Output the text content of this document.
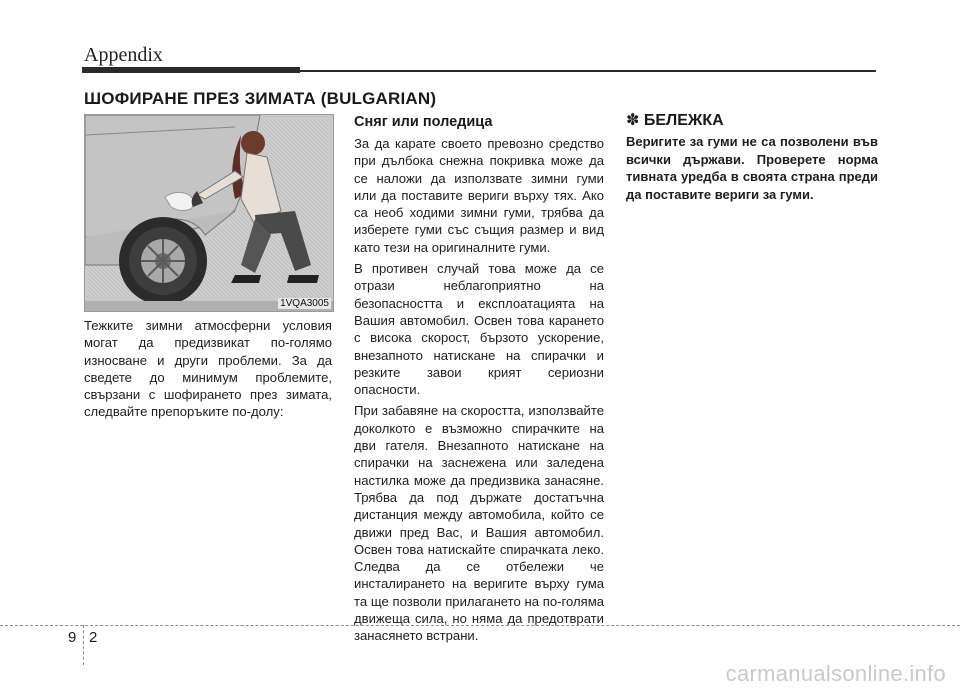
Appendix
ШОФИРАНЕ ПРЕЗ ЗИМАТА (BULGARIAN)
1VQA3005

Тежките зимни атмосферни условия могат да предизвикат по-голямо износване и други проблеми. За да сведете до минимум проблемите, свързани с шофирането през зимата, следвайте препоръките по-долу:

Сняг или поледица

За да карате своето превозно средство при дълбока снежна покривка може да се наложи да използвате зимни гуми или да поставите вериги върху тях. Ако са необ ходими зимни гуми, трябва да изберете гуми със същия размер и вид като тези на оригиналните гуми.

В противен случай това може да се отрази неблагоприятно на безопасността и експлоатацията на Вашия автомобил. Освен това карането с висока скорост, бързото ускорение, внезапното натискане на спирачки и резките завои крият сериозни опасности.

При забавяне на скоростта, използвайте доколкото е възможно спирачките на дви гателя. Внезапното натискане на спирачки на заснежена или заледена настилка може да предизвика занасяне. Трябва да под държате достатъчна дистанция между автомобила, който се движи пред Вас, и Вашия автомобил. Освен това натискайте спирачката леко. Следва да се отбележи че инсталирането на веригите върху гума та ще позволи прилагането на по-голяма движеща сила, но няма да предотврати занасянето встрани.

✽ БЕЛЕЖКА

Веригите за гуми не са позволени във всички държави. Проверете норма тивната уредба в своята страна преди да поставите вериги за гуми.

9 2
carmanualsonline.info
